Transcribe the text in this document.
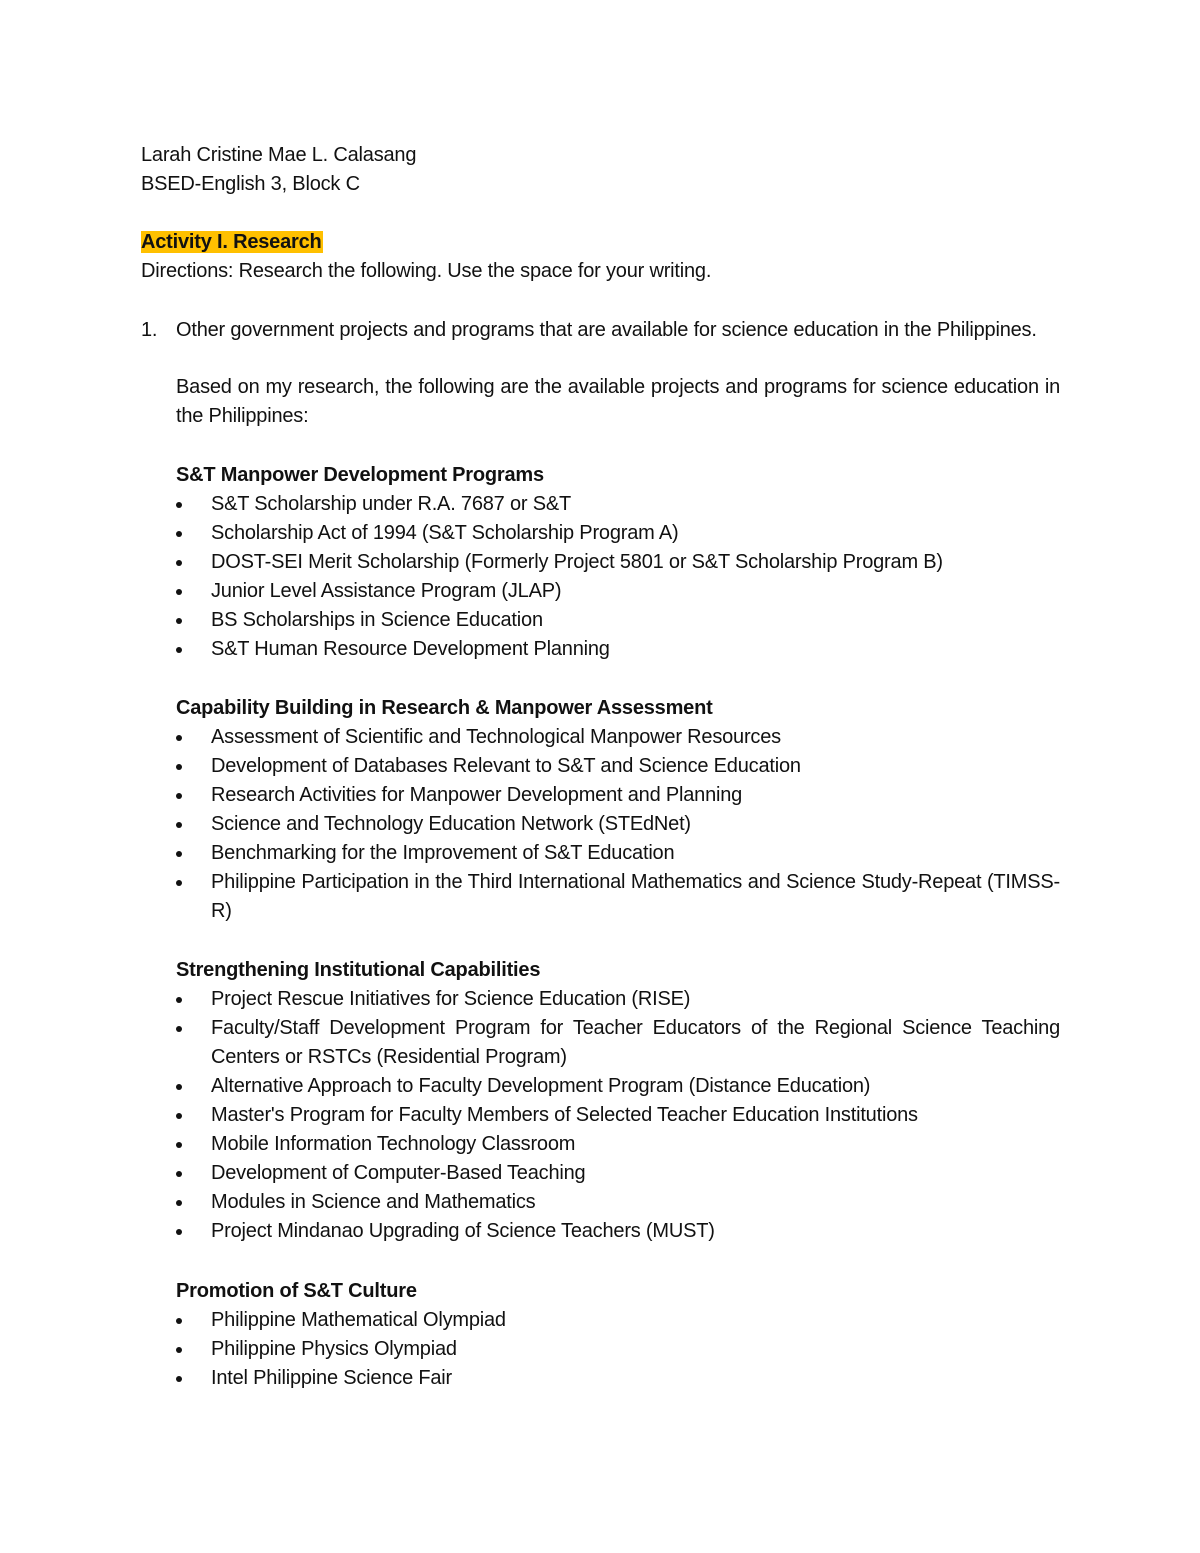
Larah Cristine Mae L. Calasang
BSED-English 3, Block C
Activity I. Research
Directions: Research the following. Use the space for your writing.
1. Other government projects and programs that are available for science education in the Philippines.
Based on my research, the following are the available projects and programs for science education in the Philippines:
S&T Manpower Development Programs
S&T Scholarship under R.A. 7687 or S&T
Scholarship Act of 1994 (S&T Scholarship Program A)
DOST-SEI Merit Scholarship (Formerly Project 5801 or S&T Scholarship Program B)
Junior Level Assistance Program (JLAP)
BS Scholarships in Science Education
S&T Human Resource Development Planning
Capability Building in Research & Manpower Assessment
Assessment of Scientific and Technological Manpower Resources
Development of Databases Relevant to S&T and Science Education
Research Activities for Manpower Development and Planning
Science and Technology Education Network (STEdNet)
Benchmarking for the Improvement of S&T Education
Philippine Participation in the Third International Mathematics and Science Study-Repeat (TIMSS-R)
Strengthening Institutional Capabilities
Project Rescue Initiatives for Science Education (RISE)
Faculty/Staff Development Program for Teacher Educators of the Regional Science Teaching Centers or RSTCs (Residential Program)
Alternative Approach to Faculty Development Program (Distance Education)
Master's Program for Faculty Members of Selected Teacher Education Institutions
Mobile Information Technology Classroom
Development of Computer-Based Teaching
Modules in Science and Mathematics
Project Mindanao Upgrading of Science Teachers (MUST)
Promotion of S&T Culture
Philippine Mathematical Olympiad
Philippine Physics Olympiad
Intel Philippine Science Fair
